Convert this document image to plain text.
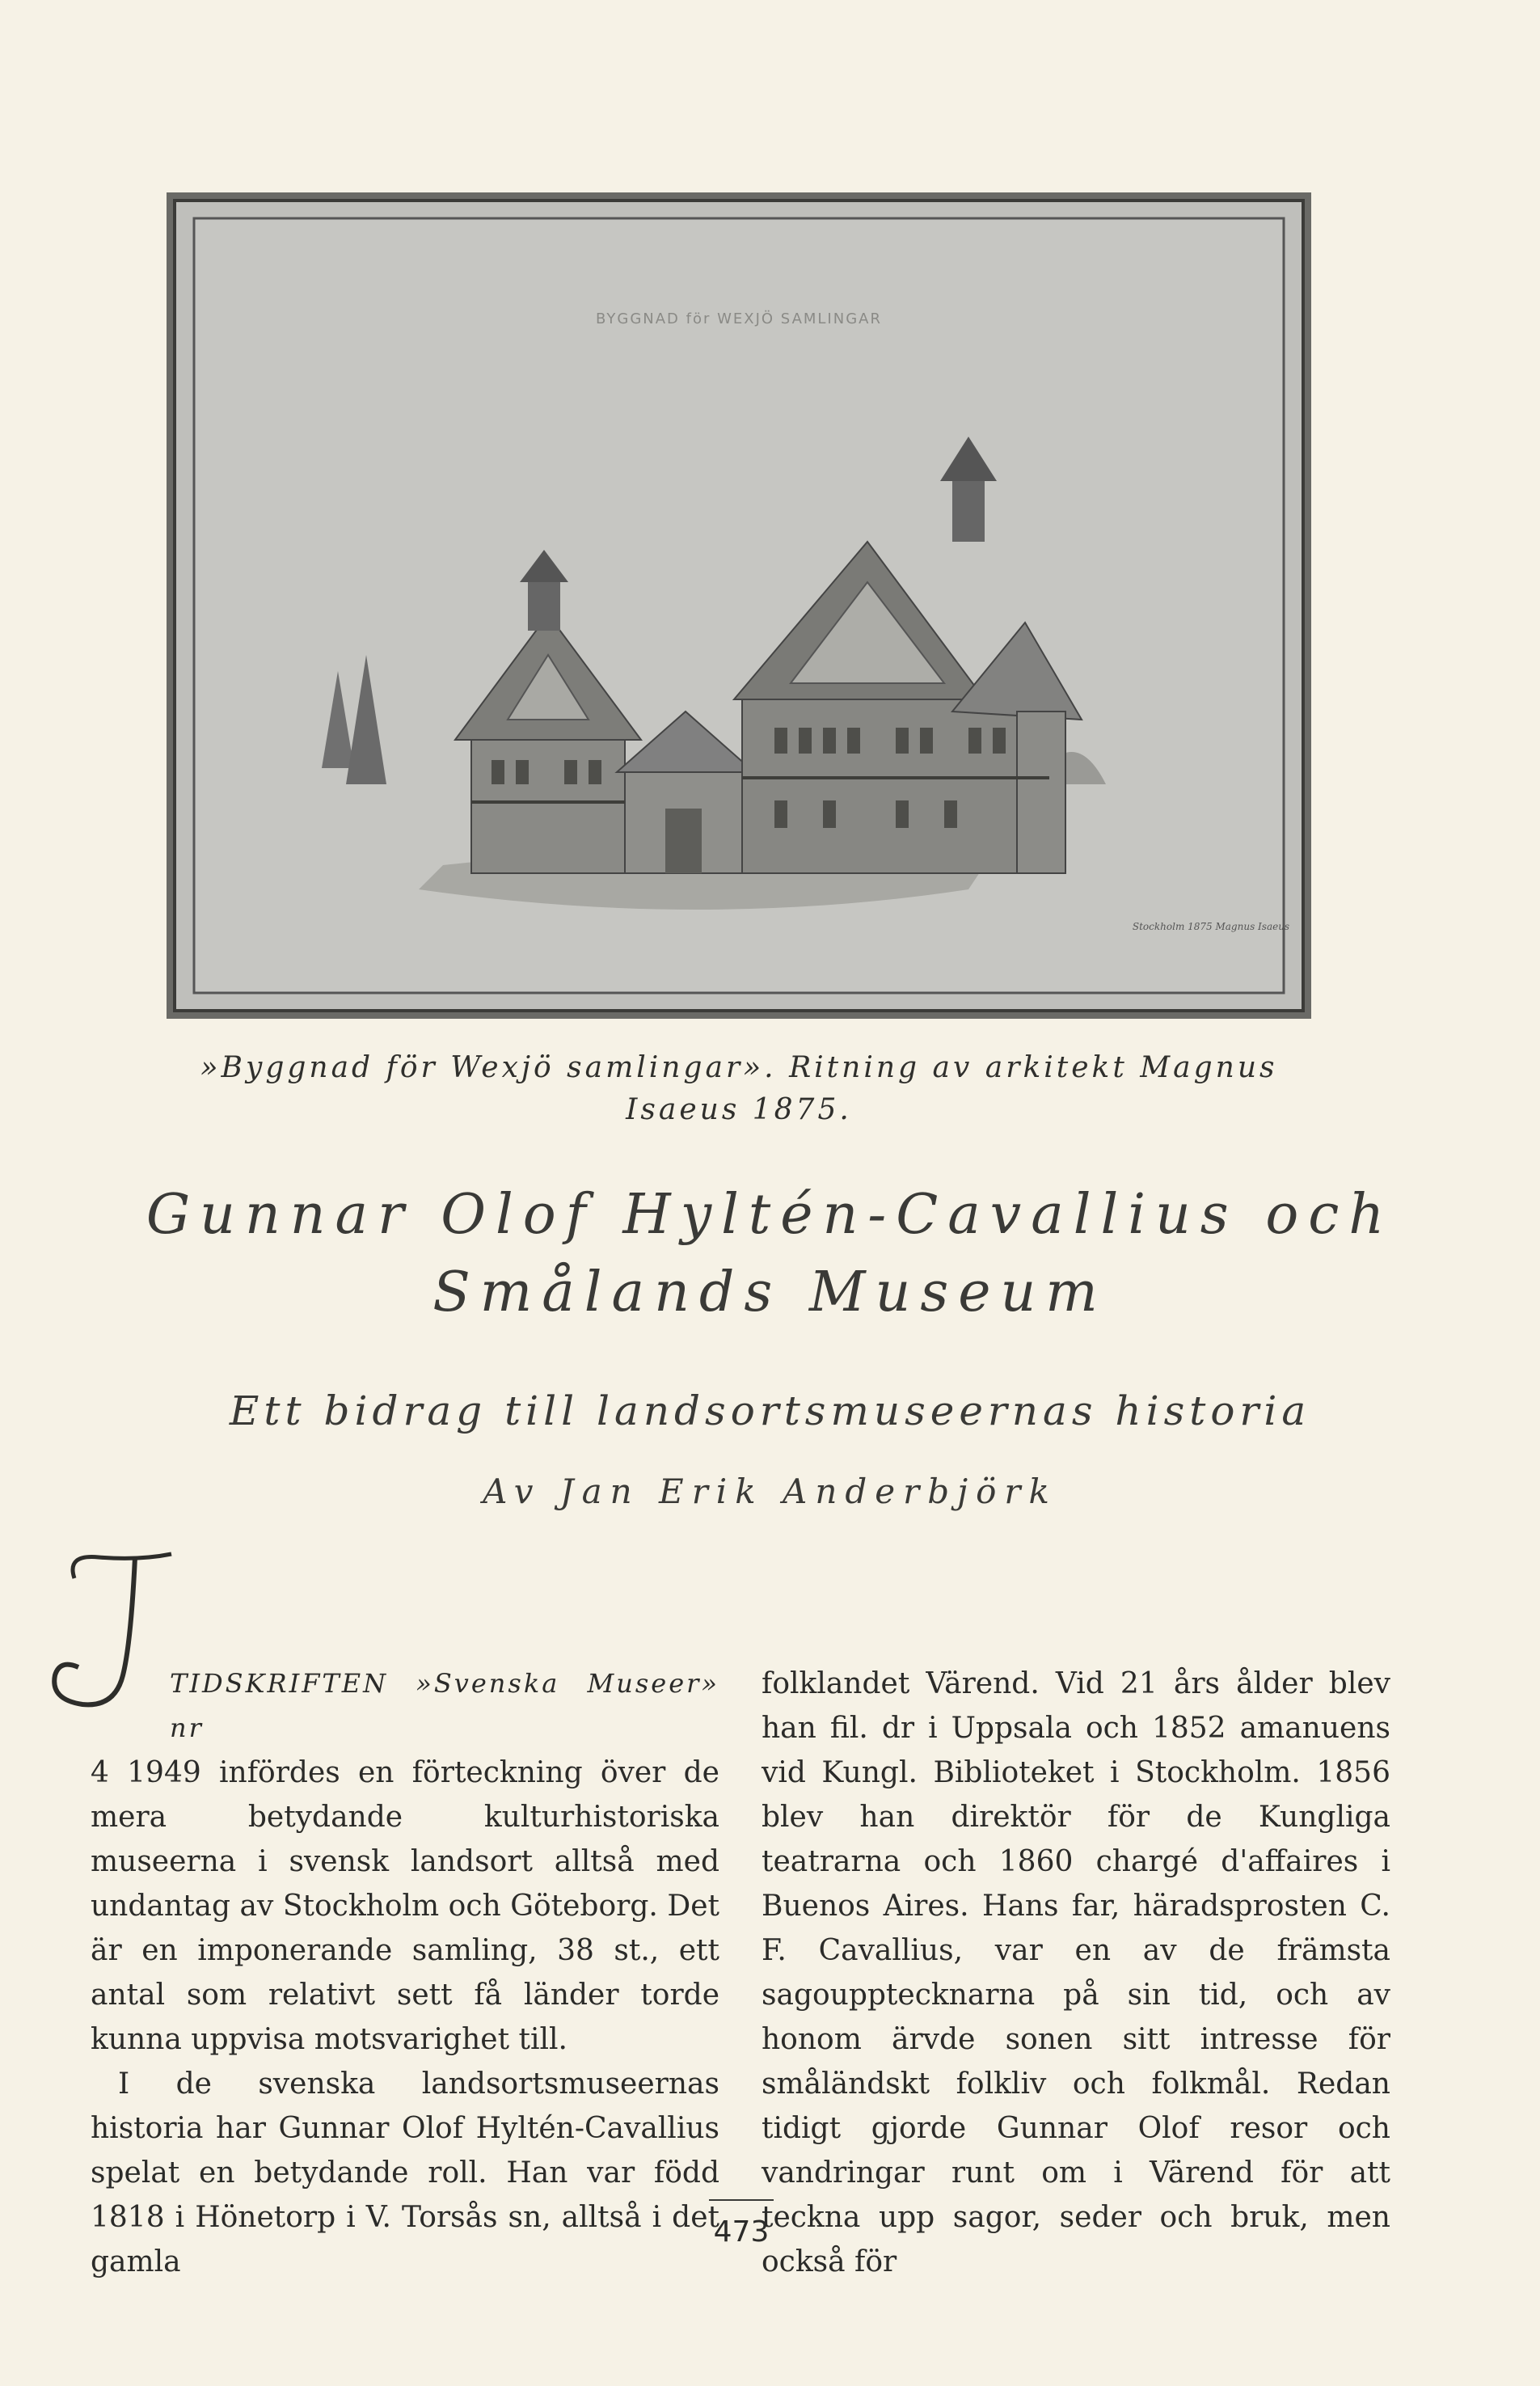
BYGGNAD för WEXJÖ SAMLINGAR
Stockholm 1875 Magnus Isaeus
»Byggnad för Wexjö samlingar». Ritning av arkitekt Magnus
Isaeus 1875.
Gunnar Olof Hyltén-Cavallius och
Smålands Museum
Ett bidrag till landsortsmuseernas historia
Av Jan Erik Anderbjörk
I TIDSKRIFTEN »Svenska Museer» nr

4 1949 infördes en förteckning över de mera betydande kulturhistoriska museerna i svensk landsort alltså med undantag av Stockholm och Göteborg. Det är en imponerande samling, 38 st., ett antal som relativt sett få länder torde kunna uppvisa motsvarighet till.

I de svenska landsortsmuseernas historia har Gunnar Olof Hyltén-Cavallius spelat en betydande roll. Han var född 1818 i Hönetorp i V. Torsås sn, alltså i det gamla

folklandet Värend. Vid 21 års ålder blev han fil. dr i Uppsala och 1852 amanuens vid Kungl. Biblioteket i Stockholm. 1856 blev han direktör för de Kungliga teatrarna och 1860 chargé d'affaires i Buenos Aires. Hans far, häradsprosten C. F. Cavallius, var en av de främsta sagoupptecknarna på sin tid, och av honom ärvde sonen sitt intresse för småländskt folkliv och folkmål. Redan tidigt gjorde Gunnar Olof resor och vandringar runt om i Värend för att teckna upp sagor, seder och bruk, men också för

473
